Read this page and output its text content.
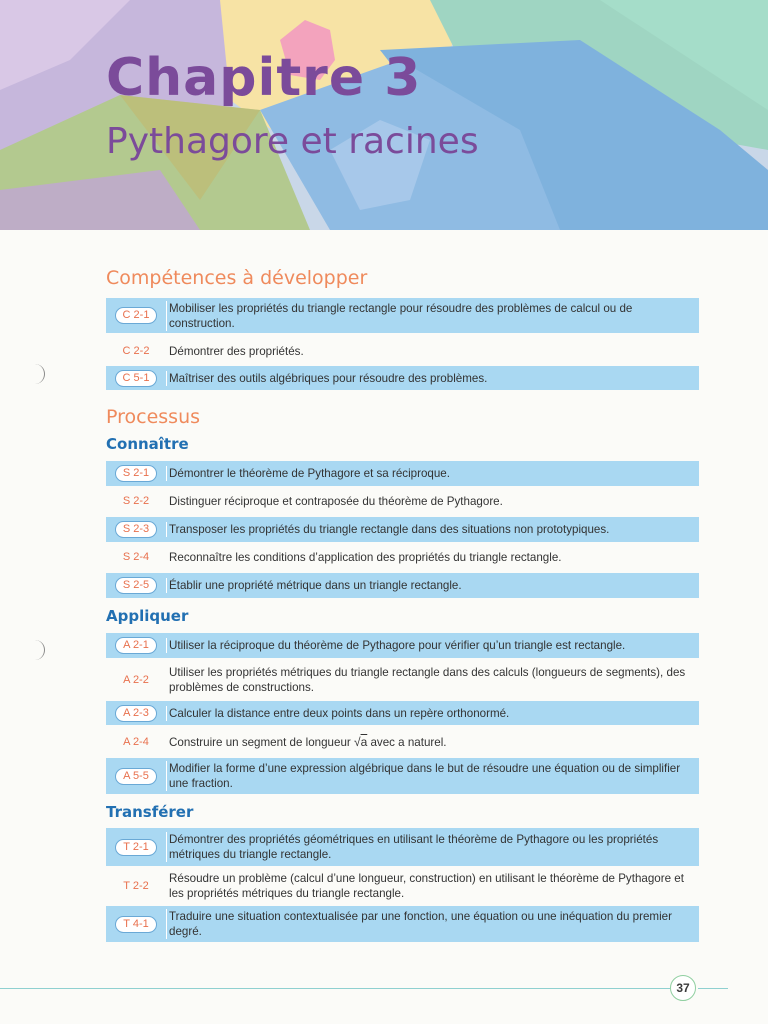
Chapitre 3
Pythagore et racines
Compétences à développer
C 2-1
Mobiliser les propriétés du triangle rectangle pour résoudre des problèmes de calcul ou de construction.
C 2-2 Démontrer des propriétés.
C 5-1	Maîtriser des outils algébriques pour résoudre des problèmes.
Processus
Connaître
S 2-1	Démontrer le théorème de Pythagore et sa réciproque.
S 2-2 Distinguer réciproque et contraposée du théorème de Pythagore.
S 2-3	Transposer les propriétés du triangle rectangle dans des situations non prototypiques.
S 2-4 Reconnaître les conditions d’application des propriétés du triangle rectangle.
S 2-5	Établir une propriété métrique dans un triangle rectangle.
Appliquer
A 2-1	Utiliser la réciproque du théorème de Pythagore pour vérifier qu’un triangle est rectangle.
A 2-2
Utiliser les propriétés métriques du triangle rectangle dans des calculs (longueurs de segments), des problèmes de constructions.
A 2-3	Calculer la distance entre deux points dans un repère orthonormé.
A 2-4 Construire un segment de longueur √a avec a naturel.
A 5-5
Modifier la forme d’une expression algébrique dans le but de résoudre une équation ou de simplifier une fraction.
Transférer
T 2-1
Démontrer des propriétés géométriques en utilisant le théorème de Pythagore ou les propriétés métriques du triangle rectangle.
T 2-2
Résoudre un problème (calcul d’une longueur, construction) en utilisant le théorème de Pythagore et les propriétés métriques du triangle rectangle.
T 4-1
Traduire une situation contextualisée par une fonction, une équation ou une inéquation du premier degré.
37
